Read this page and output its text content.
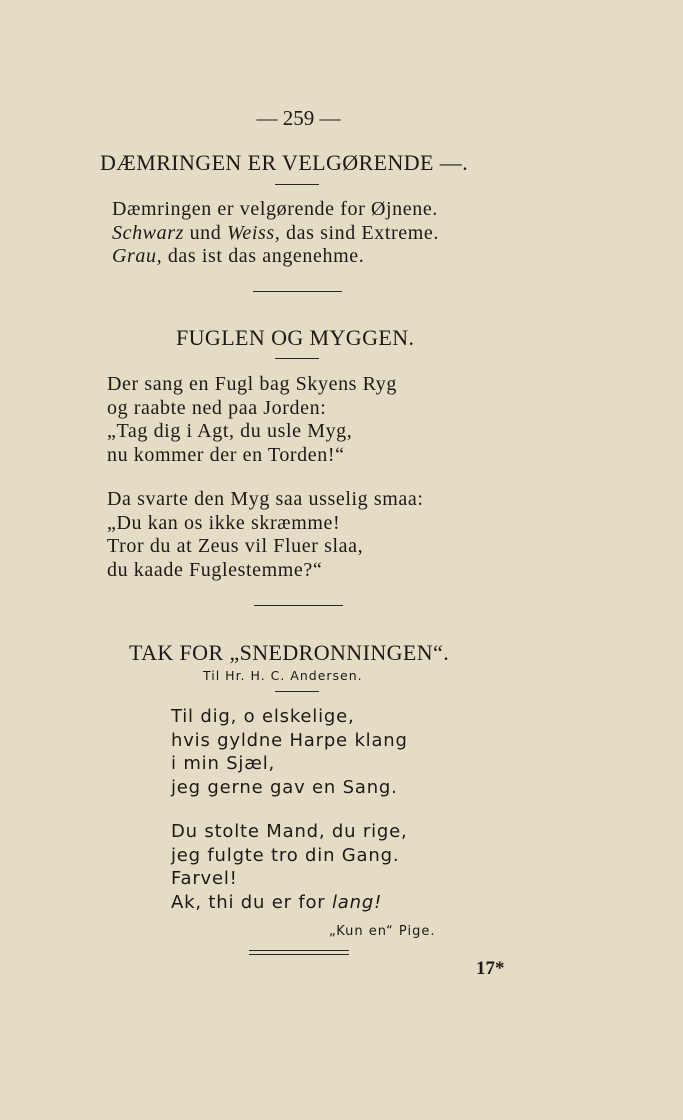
— 259 —
DÆMRINGEN ER VELGØRENDE —.
Dæmringen er velgørende for Øjnene.
Schwarz und Weiss, das sind Extreme.
Grau, das ist das angenehme.
FUGLEN OG MYGGEN.
Der sang en Fugl bag Skyens Ryg
og raabte ned paa Jorden:
„Tag dig i Agt, du usle Myg,
nu kommer der en Torden!“
Da svarte den Myg saa usselig smaa:
„Du kan os ikke skræmme!
Tror du at Zeus vil Fluer slaa,
du kaade Fuglestemme?“
TAK FOR „SNEDRONNINGEN“.
Til Hr. H. C. Andersen.
Til dig, o elskelige,
hvis gyldne Harpe klang
i min Sjæl,
jeg gerne gav en Sang.
Du stolte Mand, du rige,
jeg fulgte tro din Gang.
Farvel!
Ak, thi du er for lang!
„Kun en“ Pige.
17*
